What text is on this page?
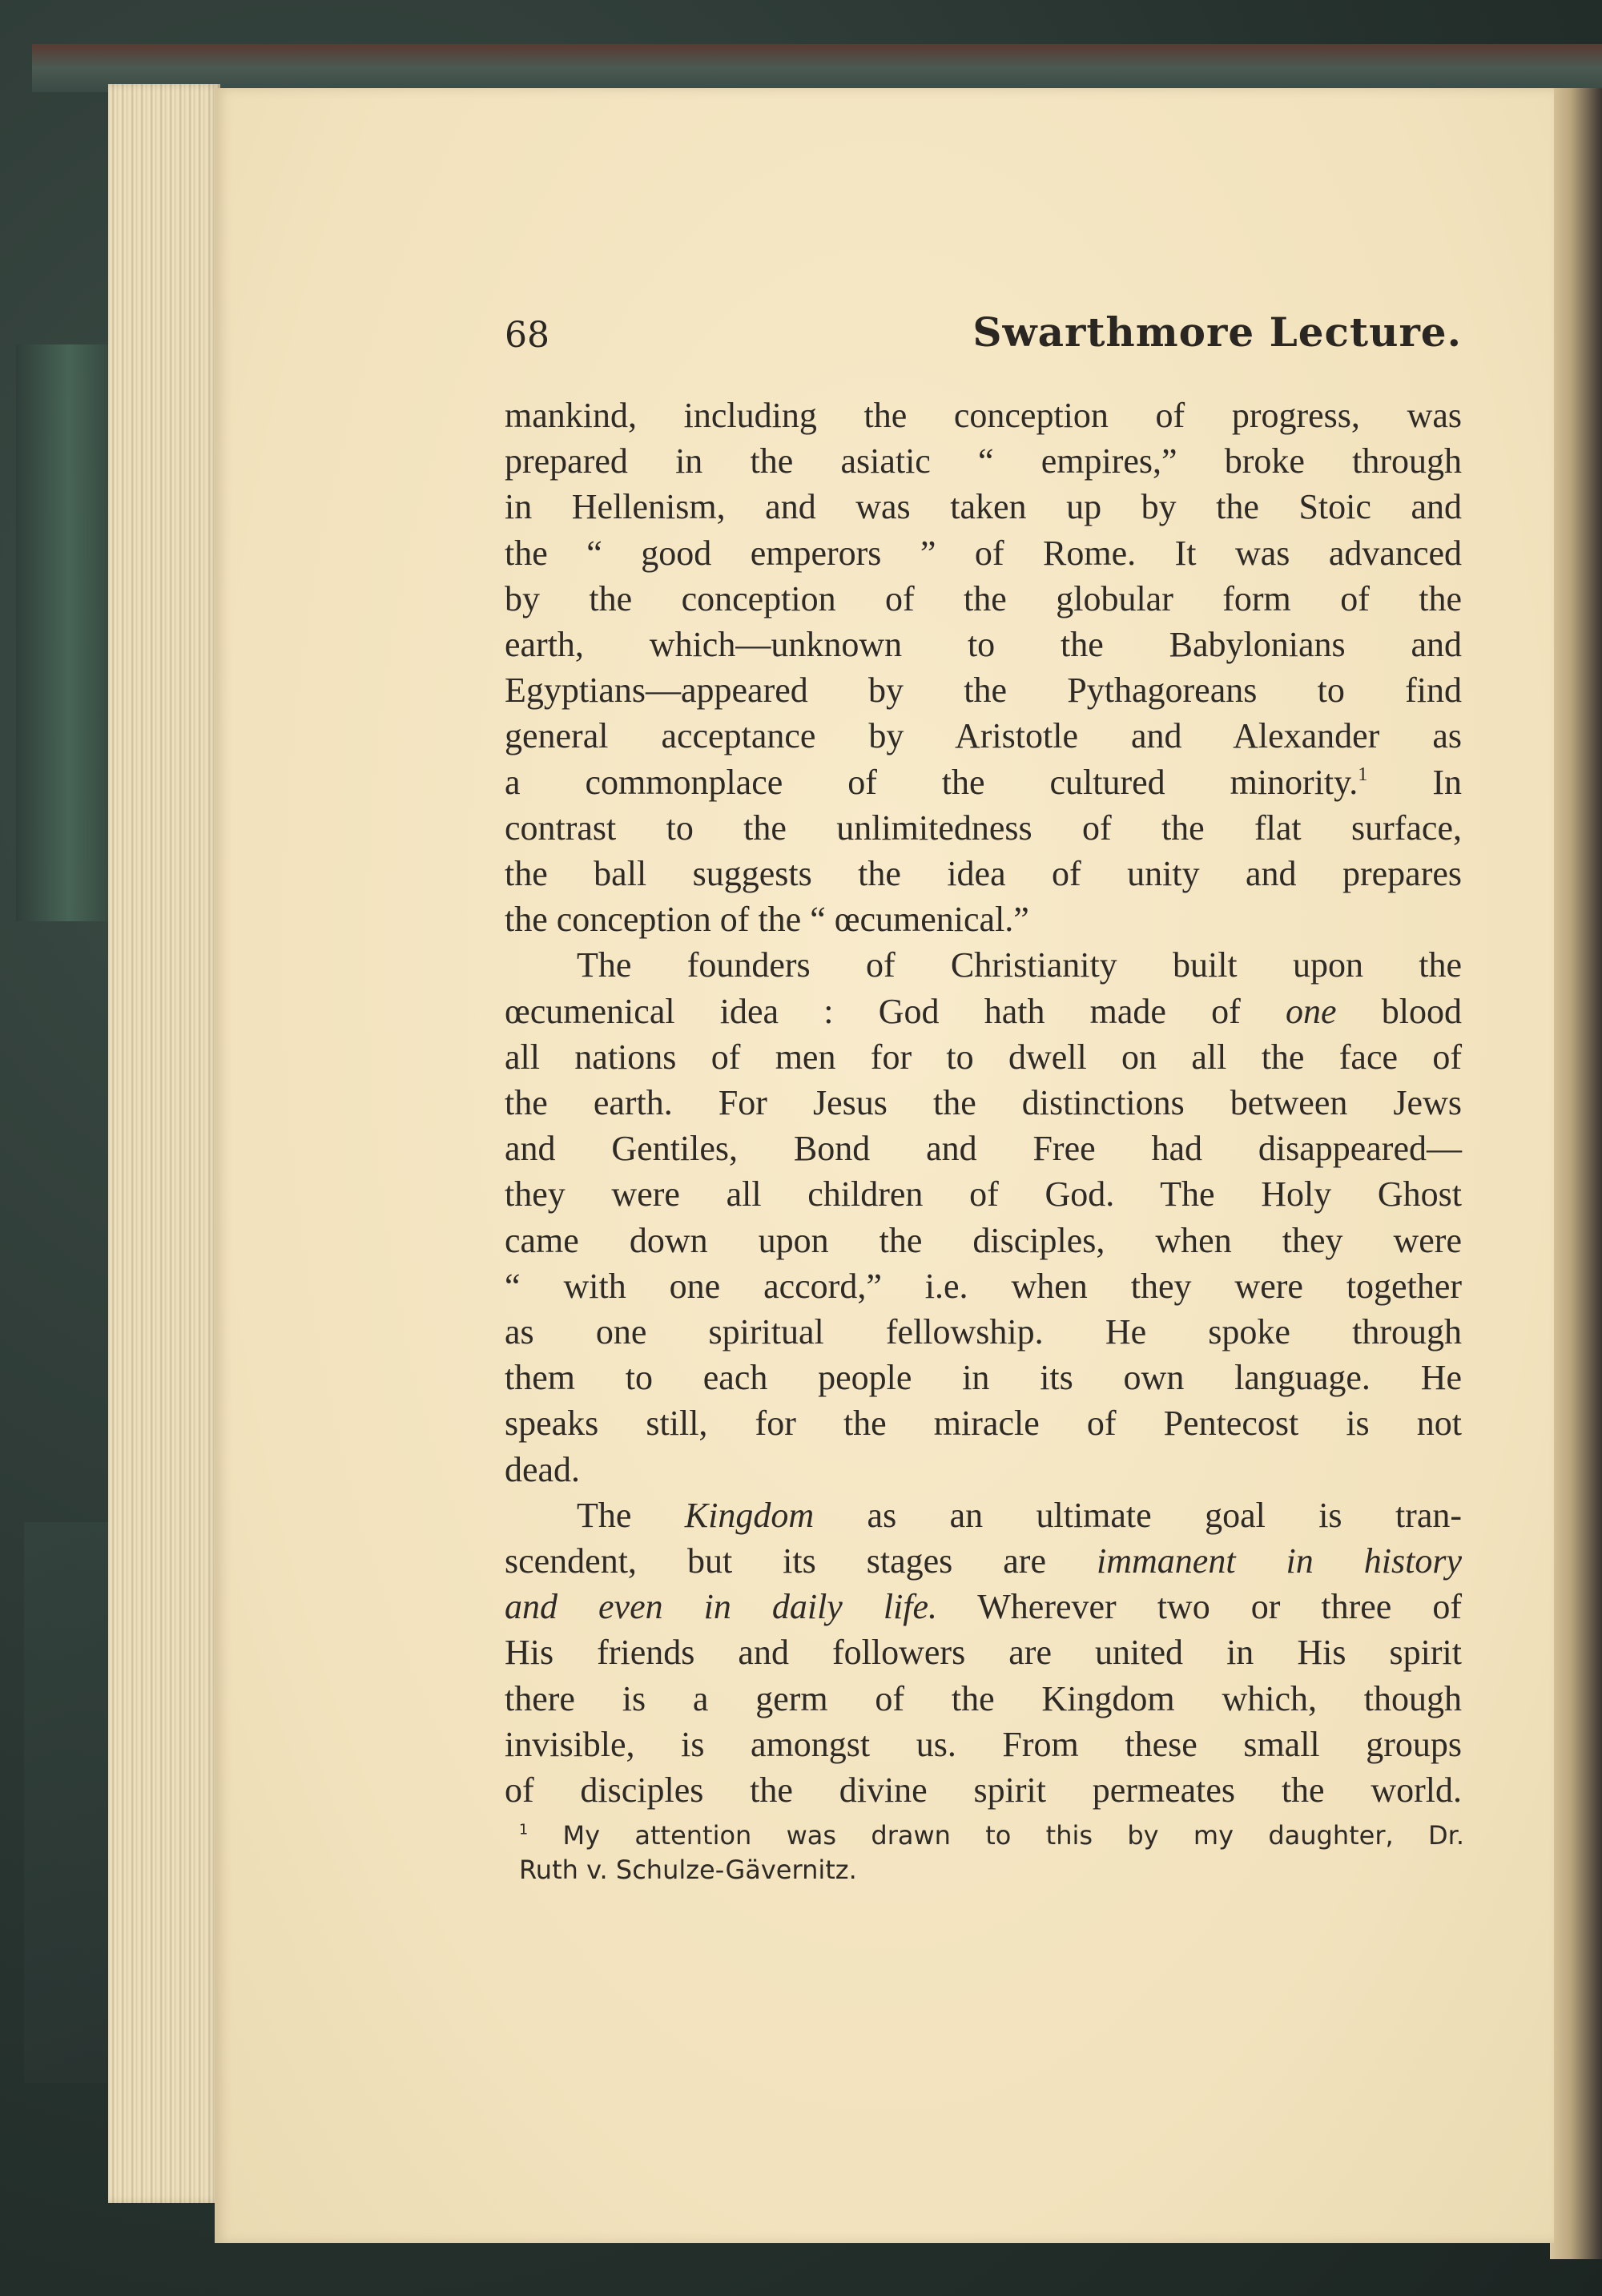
68	Swarthmore Lecture.

mankind, including the conception of progress, was
prepared in the asiatic “ empires,” broke through
in Hellenism, and was taken up by the Stoic and
the “ good emperors ” of Rome. It was advanced
by the conception of the globular form of the
earth, which—unknown to the Babylonians and
Egyptians—appeared by the Pythagoreans to find
general acceptance by Aristotle and Alexander as
a commonplace of the cultured minority.$^1$ In
contrast to the unlimitedness of the flat surface,
the ball suggests the idea of unity and prepares
the conception of the “ œcumenical.”

The founders of Christianity built upon the
œcumenical idea : God hath made of one blood
all nations of men for to dwell on all the face of
the earth. For Jesus the distinctions between Jews
and Gentiles, Bond and Free had disappeared—
they were all children of God. The Holy Ghost
came down upon the disciples, when they were
“ with one accord,” i.e. when they were together
as one spiritual fellowship. He spoke through
them to each people in its own language. He
speaks still, for the miracle of Pentecost is not
dead.

The Kingdom as an ultimate goal is tran-
scendent, but its stages are immanent in history
and even in daily life. Wherever two or three of
His friends and followers are united in His spirit
there is a germ of the Kingdom which, though
invisible, is amongst us. From these small groups
of disciples the divine spirit permeates the world.

$^1$ My attention was drawn to this by my daughter, Dr.
Ruth v. Schulze-Gävernitz.
